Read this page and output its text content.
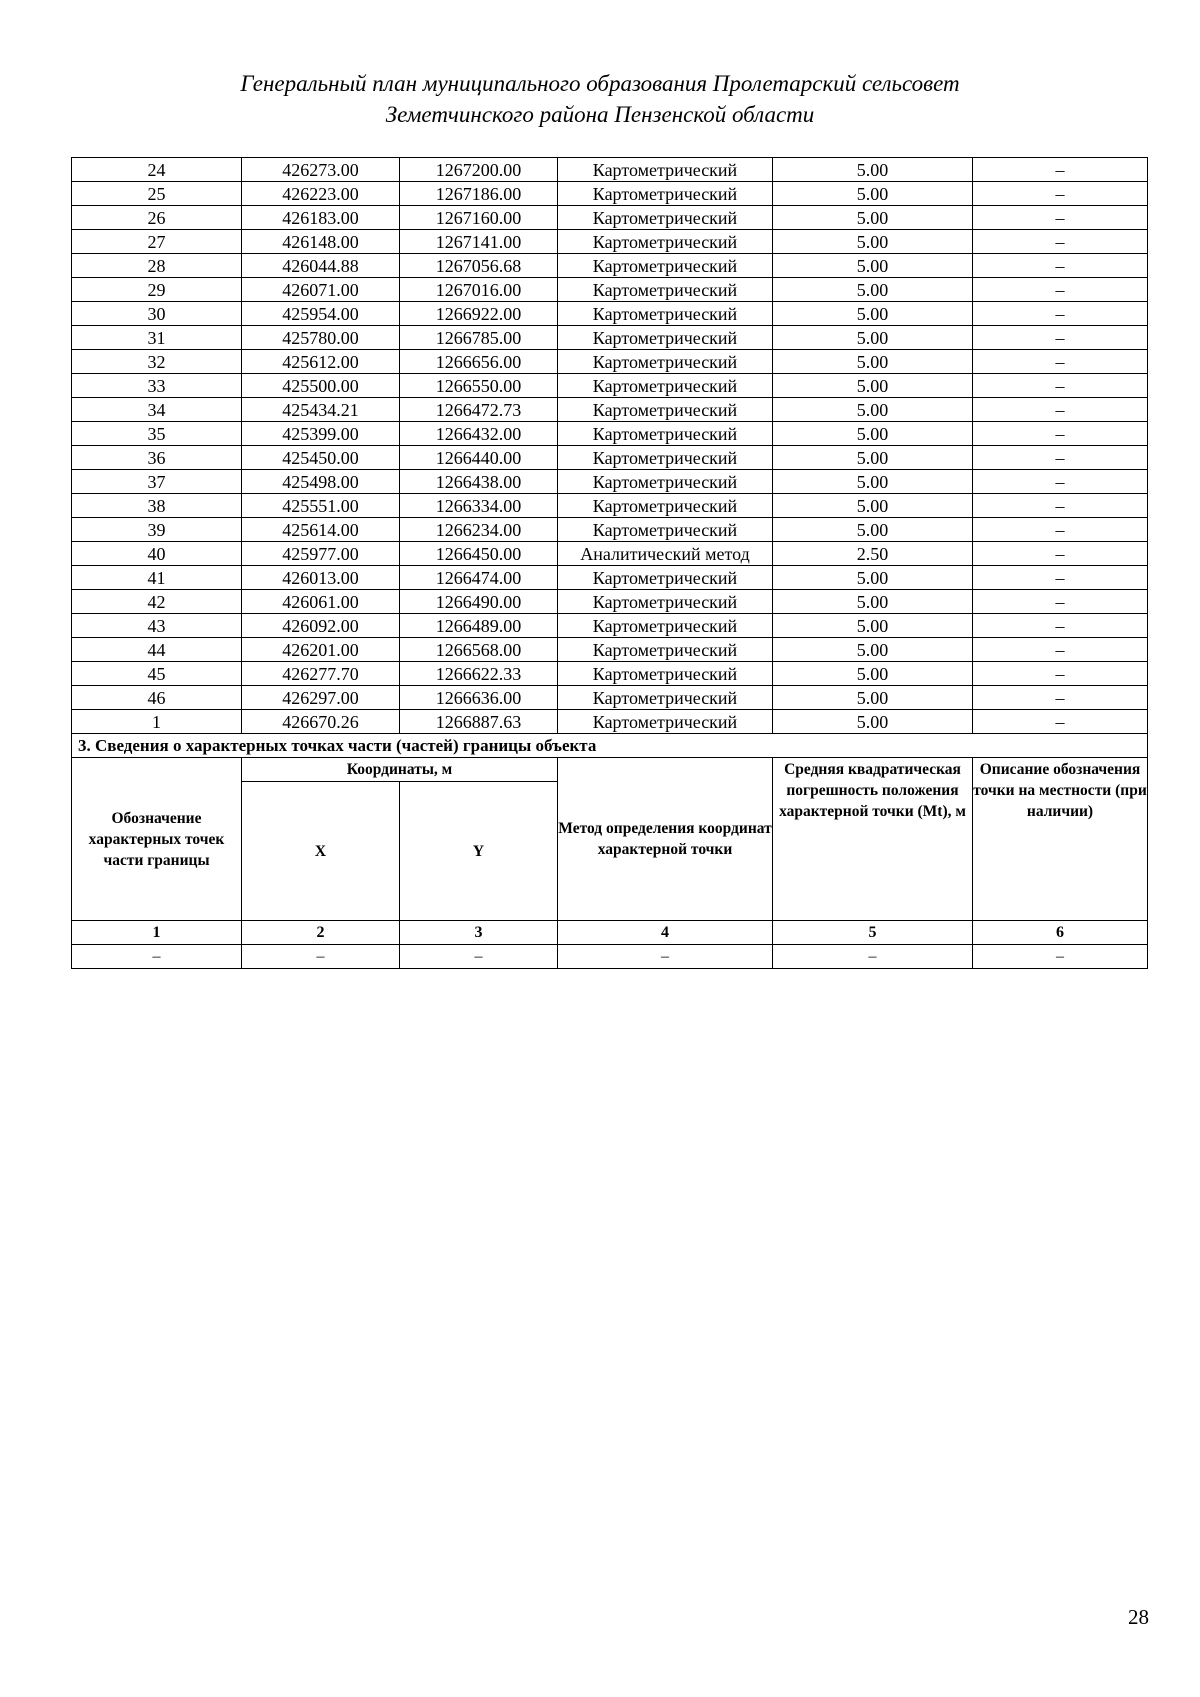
Генеральный план муниципального образования Пролетарский сельсовет
Земетчинского района Пензенской области
24	426273.00	1267200.00	Картометрический	5.00	–
25	426223.00	1267186.00	Картометрический	5.00	–
26	426183.00	1267160.00	Картометрический	5.00	–
27	426148.00	1267141.00	Картометрический	5.00	–
28	426044.88	1267056.68	Картометрический	5.00	–
29	426071.00	1267016.00	Картометрический	5.00	–
30	425954.00	1266922.00	Картометрический	5.00	–
31	425780.00	1266785.00	Картометрический	5.00	–
32	425612.00	1266656.00	Картометрический	5.00	–
33	425500.00	1266550.00	Картометрический	5.00	–
34	425434.21	1266472.73	Картометрический	5.00	–
35	425399.00	1266432.00	Картометрический	5.00	–
36	425450.00	1266440.00	Картометрический	5.00	–
37	425498.00	1266438.00	Картометрический	5.00	–
38	425551.00	1266334.00	Картометрический	5.00	–
39	425614.00	1266234.00	Картометрический	5.00	–
40	425977.00	1266450.00	Аналитический метод	2.50	–
41	426013.00	1266474.00	Картометрический	5.00	–
42	426061.00	1266490.00	Картометрический	5.00	–
43	426092.00	1266489.00	Картометрический	5.00	–
44	426201.00	1266568.00	Картометрический	5.00	–
45	426277.70	1266622.33	Картометрический	5.00	–
46	426297.00	1266636.00	Картометрический	5.00	–
1	426670.26	1266887.63	Картометрический	5.00	–
3. Сведения о характерных точках части (частей) границы объекта					
Обозначение характерных точек части границы	Координаты, м		Метод определения координат характерной точки	Средняя квадратическая погрешность положения характерной точки (Mt), м	Описание обозначения точки на местности (при наличии)
	X	Y			
1	2	3	4	5	6
–	–	–	–	–	–
28
